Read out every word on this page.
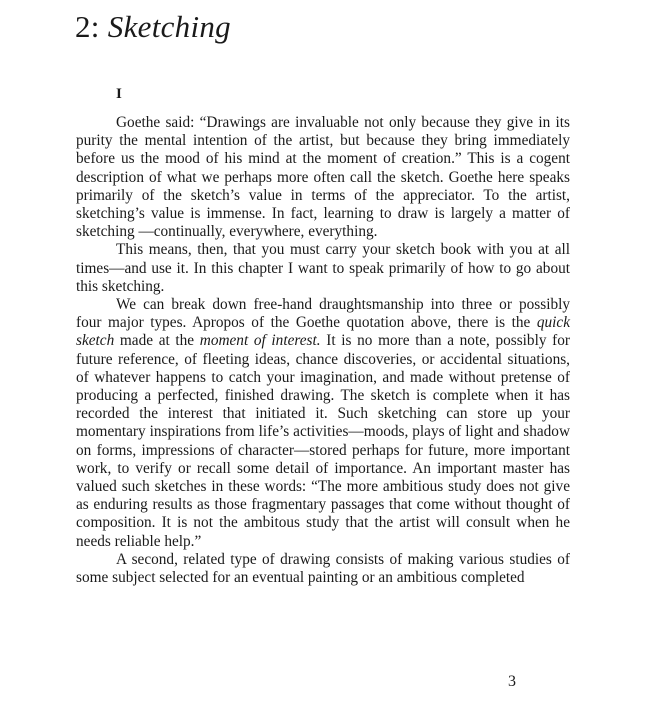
2: Sketching
I

Goethe said: “Drawings are invaluable not only because they give in its purity the mental intention of the artist, but because they bring immediately before us the mood of his mind at the moment of creation.” This is a cogent description of what we perhaps more often call the sketch. Goethe here speaks primarily of the sketch’s value in terms of the appreciator. To the artist, sketching’s value is immense. In fact, learning to draw is largely a matter of sketching —continually, everywhere, everything.

This means, then, that you must carry your sketch book with you at all times—and use it. In this chapter I want to speak primarily of how to go about this sketching.

We can break down free-hand draughtsmanship into three or possibly four major types. Apropos of the Goethe quotation above, there is the quick sketch made at the moment of interest. It is no more than a note, possibly for future reference, of fleeting ideas, chance discoveries, or accidental situations, of whatever happens to catch your imagination, and made without pretense of producing a perfected, finished drawing. The sketch is complete when it has recorded the interest that initiated it. Such sketching can store up your momentary inspirations from life’s activities—moods, plays of light and shadow on forms, impressions of character—stored perhaps for future, more important work, to verify or recall some detail of importance. An important master has valued such sketches in these words: “The more ambitious study does not give as enduring results as those fragmentary passages that come without thought of composition. It is not the ambitous study that the artist will consult when he needs reliable help.”

A second, related type of drawing consists of making various studies of some subject selected for an eventual painting or an ambitious completed

3
